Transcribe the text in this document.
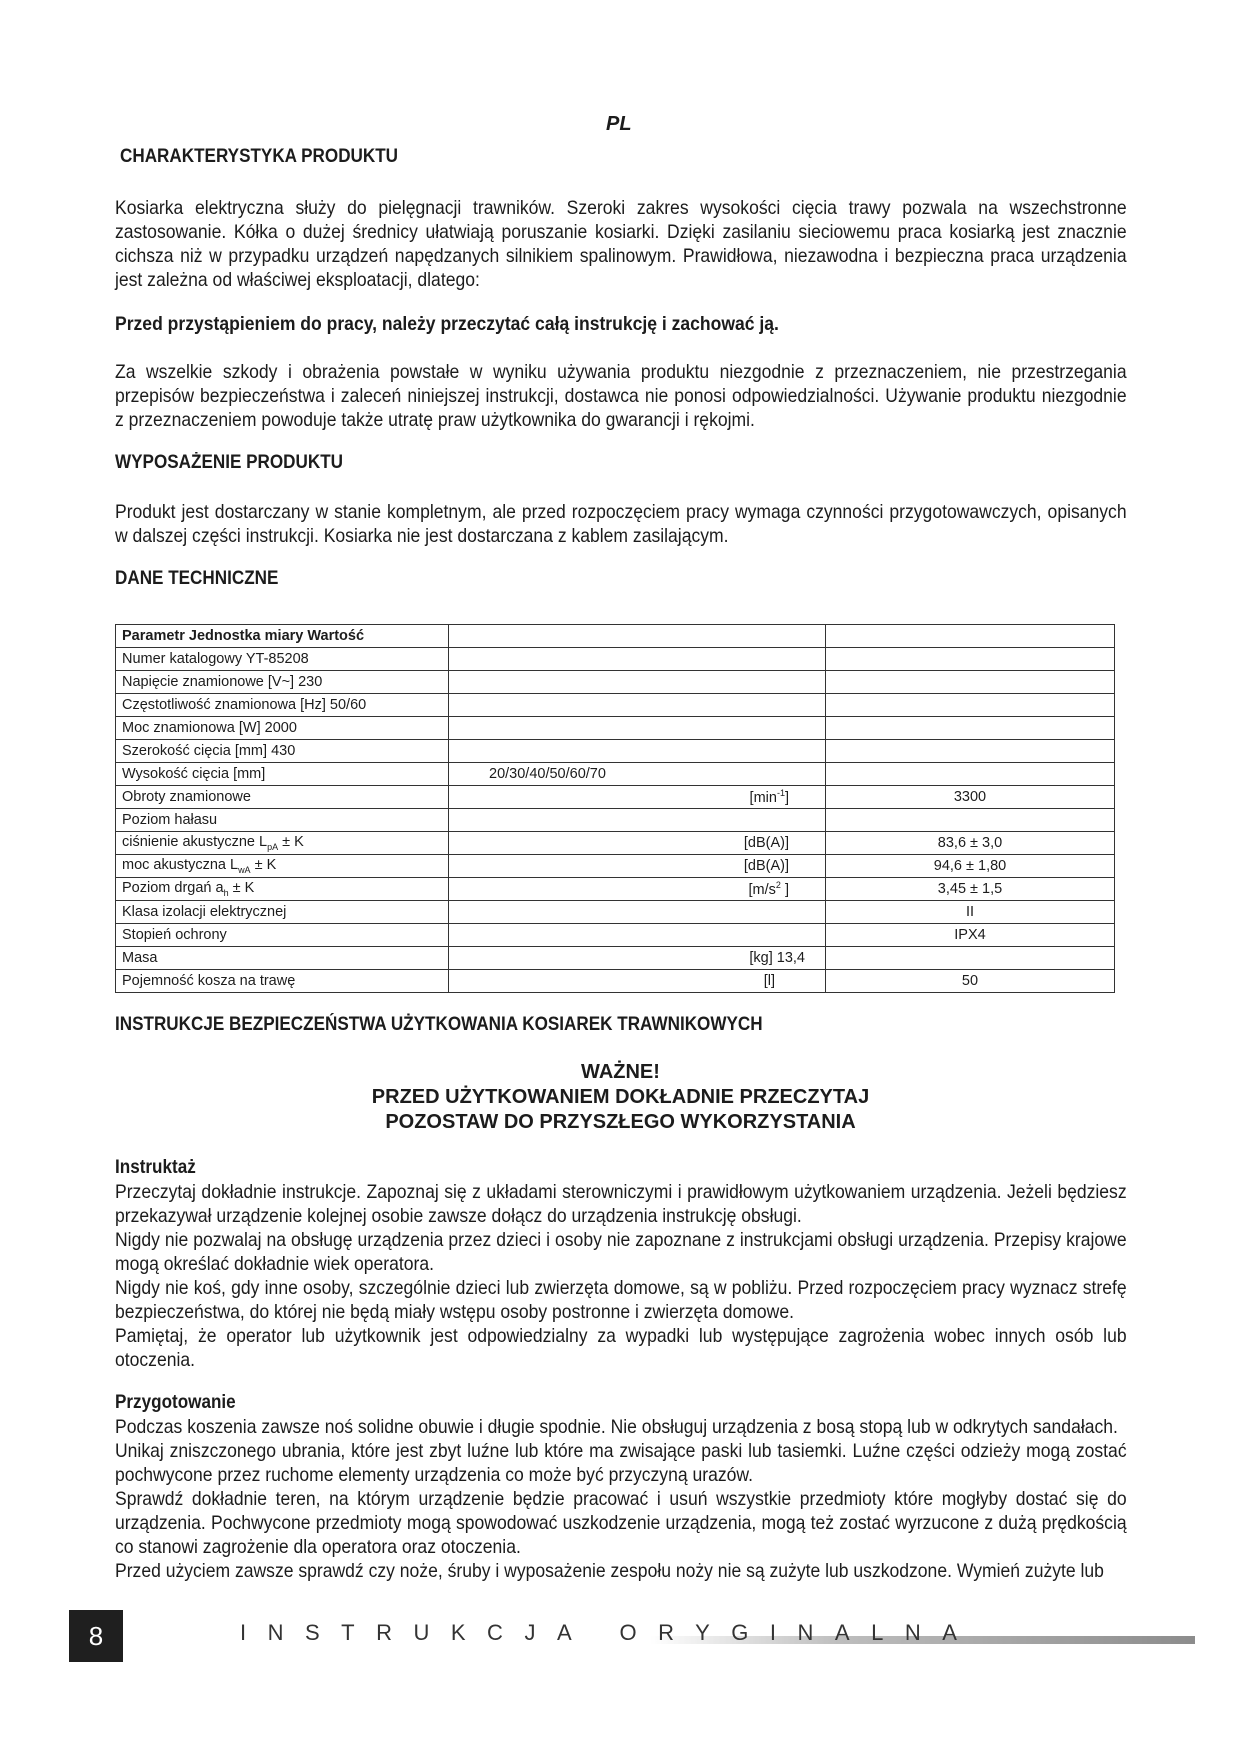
PL
CHARAKTERYSTYKA PRODUKTU

Kosiarka elektryczna służy do pielęgnacji trawników. Szeroki zakres wysokości cięcia trawy pozwala na wszechstronne zastosowanie. Kółka o dużej średnicy ułatwiają poruszanie kosiarki. Dzięki zasilaniu sieciowemu praca kosiarką jest znacznie cichsza niż w przypadku urządzeń napędzanych silnikiem spalinowym. Prawidłowa, niezawodna i bezpieczna praca urządzenia jest zależna od właściwej eksploatacji, dlatego:

Przed przystąpieniem do pracy, należy przeczytać całą instrukcję i zachować ją.

Za wszelkie szkody i obrażenia powstałe w wyniku używania produktu niezgodnie z przeznaczeniem, nie przestrzegania przepisów bezpieczeństwa i zaleceń niniejszej instrukcji, dostawca nie ponosi odpowiedzialności. Używanie produktu niezgodnie z przeznaczeniem powoduje także utratę praw użytkownika do gwarancji i rękojmi.

WYPOSAŻENIE PRODUKTU

Produkt jest dostarczany w stanie kompletnym, ale przed rozpoczęciem pracy wymaga czynności przygotowawczych, opisanych w dalszej części instrukcji. Kosiarka nie jest dostarczana z kablem zasilającym.

DANE TECHNICZNE
Parametr Jednostka miary Wartość		
Numer katalogowy YT-85208		
Napięcie znamionowe [V~] 230		
Częstotliwość znamionowa [Hz] 50/60		
Moc znamionowa [W] 2000		
Szerokość cięcia [mm] 430		
Wysokość cięcia [mm]	20/30/40/50/60/70	
Obroty znamionowe	$[\min^{-1}]$	3300
Poziom hałasu		
ciśnienie akustyczne $L_{pA} \pm K$	[dB(A)]	83,6 ± 3,0
moc akustyczna $L_{wA} \pm K$	[dB(A)]	94,6 ± 1,80
Poziom drgań $a_h \pm K$	[$m/s^2$ ]	3,45 ± 1,5
Klasa izolacji elektrycznej		II
Stopień ochrony		IPX4
Masa	[kg] 13,4	
Pojemność kosza na trawę	[l]	50
INSTRUKCJE BEZPIECZEŃSTWA UŻYTKOWANIA KOSIAREK TRAWNIKOWYCH
WAŻNE!
PRZED UŻYTKOWANIEM DOKŁADNIE PRZECZYTAJ
POZOSTAW DO PRZYSZŁEGO WYKORZYSTANIA
Instruktaż

Przeczytaj dokładnie instrukcje. Zapoznaj się z układami sterowniczymi i prawidłowym użytkowaniem urządzenia. Jeżeli będziesz przekazywał urządzenie kolejnej osobie zawsze dołącz do urządzenia instrukcję obsługi.

Nigdy nie pozwalaj na obsługę urządzenia przez dzieci i osoby nie zapoznane z instrukcjami obsługi urządzenia. Przepisy krajowe mogą określać dokładnie wiek operatora.

Nigdy nie koś, gdy inne osoby, szczególnie dzieci lub zwierzęta domowe, są w pobliżu. Przed rozpoczęciem pracy wyznacz strefę bezpieczeństwa, do której nie będą miały wstępu osoby postronne i zwierzęta domowe.

Pamiętaj, że operator lub użytkownik jest odpowiedzialny za wypadki lub występujące zagrożenia wobec innych osób lub otoczenia.

Przygotowanie

Podczas koszenia zawsze noś solidne obuwie i długie spodnie. Nie obsługuj urządzenia z bosą stopą lub w odkrytych sandałach.

Unikaj zniszczonego ubrania, które jest zbyt luźne lub które ma zwisające paski lub tasiemki. Luźne części odzieży mogą zostać pochwycone przez ruchome elementy urządzenia co może być przyczyną urazów.

Sprawdź dokładnie teren, na którym urządzenie będzie pracować i usuń wszystkie przedmioty które mogłyby dostać się do urządzenia. Pochwycone przedmioty mogą spowodować uszkodzenie urządzenia, mogą też zostać wyrzucone z dużą prędkością co stanowi zagrożenie dla operatora oraz otoczenia.

Przed użyciem zawsze sprawdź czy noże, śruby i wyposażenie zespołu noży nie są zużyte lub uszkodzone. Wymień zużyte lub

8	INSTRUKCJA ORYGINALNA
